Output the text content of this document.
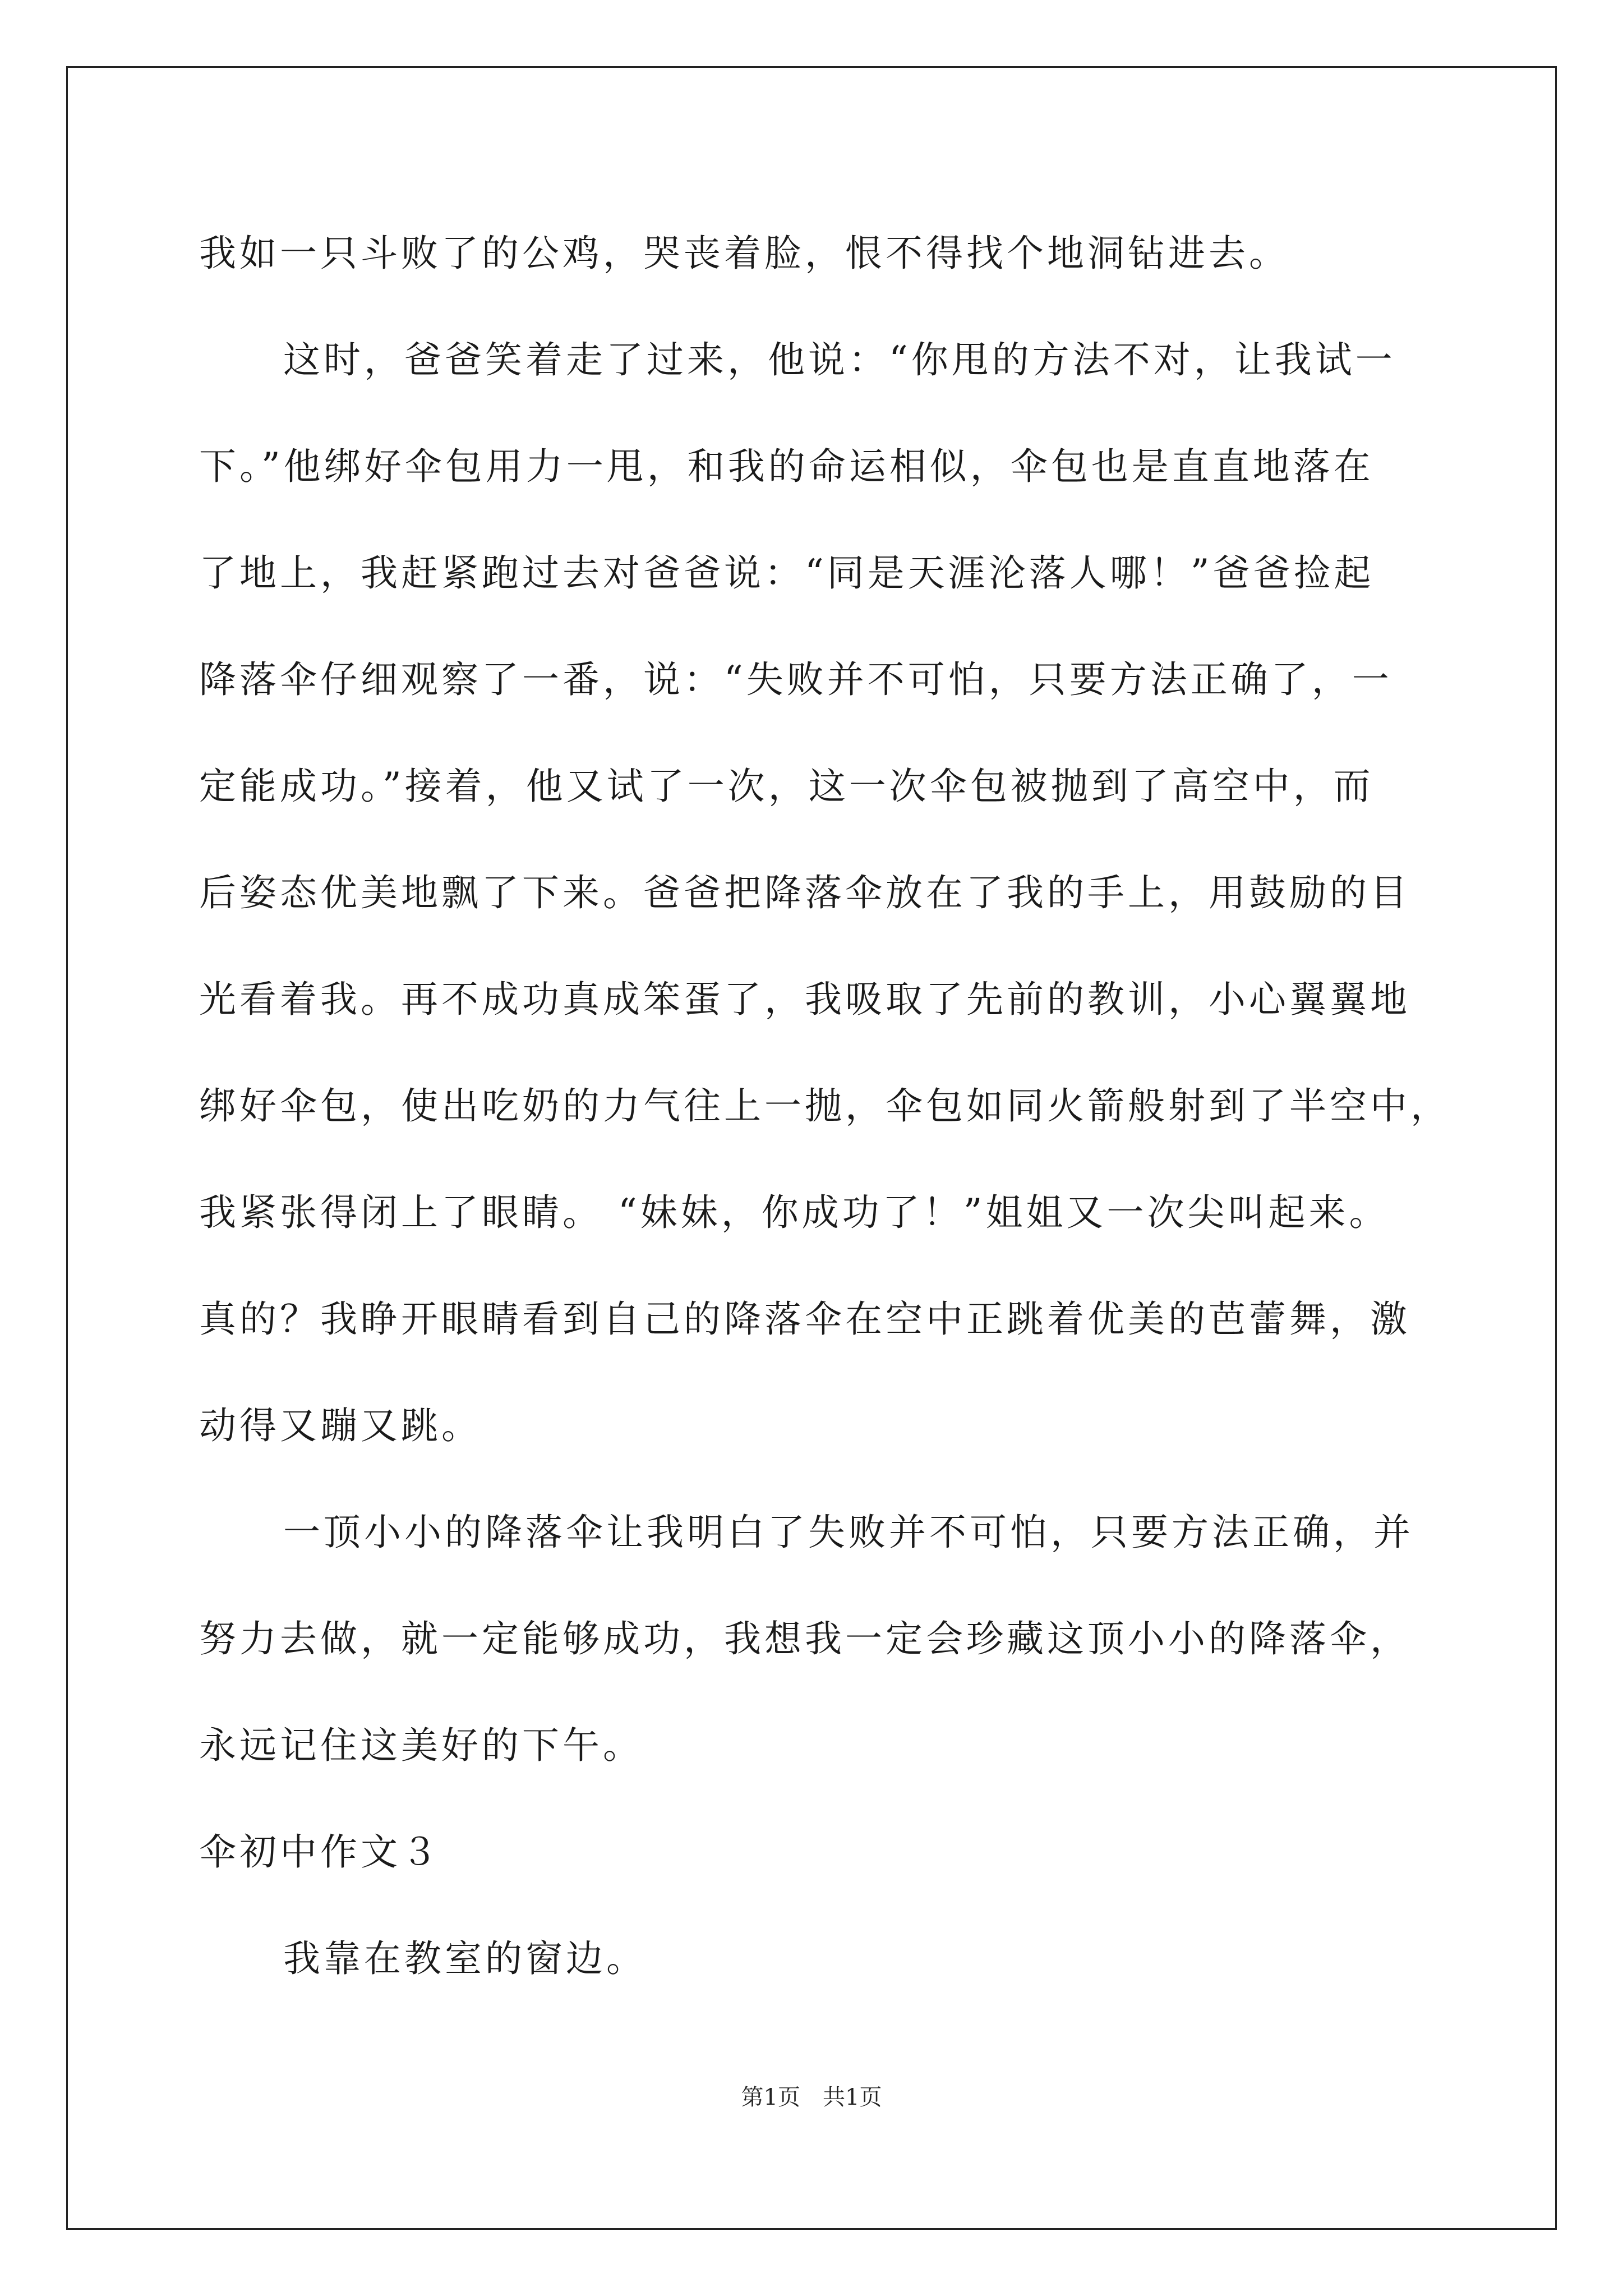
我如一只斗败了的公鸡，哭丧着脸，恨不得找个地洞钻进去。
这时，爸爸笑着走了过来，他说：“你甩的方法不对，让我试一
下。”他绑好伞包用力一甩，和我的命运相似，伞包也是直直地落在
了地上，我赶紧跑过去对爸爸说：“同是天涯沦落人哪！”爸爸捡起
降落伞仔细观察了一番，说：“失败并不可怕，只要方法正确了，一
定能成功。”接着，他又试了一次，这一次伞包被抛到了高空中，而
后姿态优美地飘了下来。爸爸把降落伞放在了我的手上，用鼓励的目
光看着我。再不成功真成笨蛋了，我吸取了先前的教训，小心翼翼地
绑好伞包，使出吃奶的力气往上一抛，伞包如同火箭般射到了半空中，
我紧张得闭上了眼睛。 “妹妹，你成功了！”姐姐又一次尖叫起来。
真的？我睁开眼睛看到自己的降落伞在空中正跳着优美的芭蕾舞，激
动得又蹦又跳。
一顶小小的降落伞让我明白了失败并不可怕，只要方法正确，并
努力去做，就一定能够成功，我想我一定会珍藏这顶小小的降落伞，
永远记住这美好的下午。
伞初中作文３
我靠在教室的窗边。
第1页 共1页
